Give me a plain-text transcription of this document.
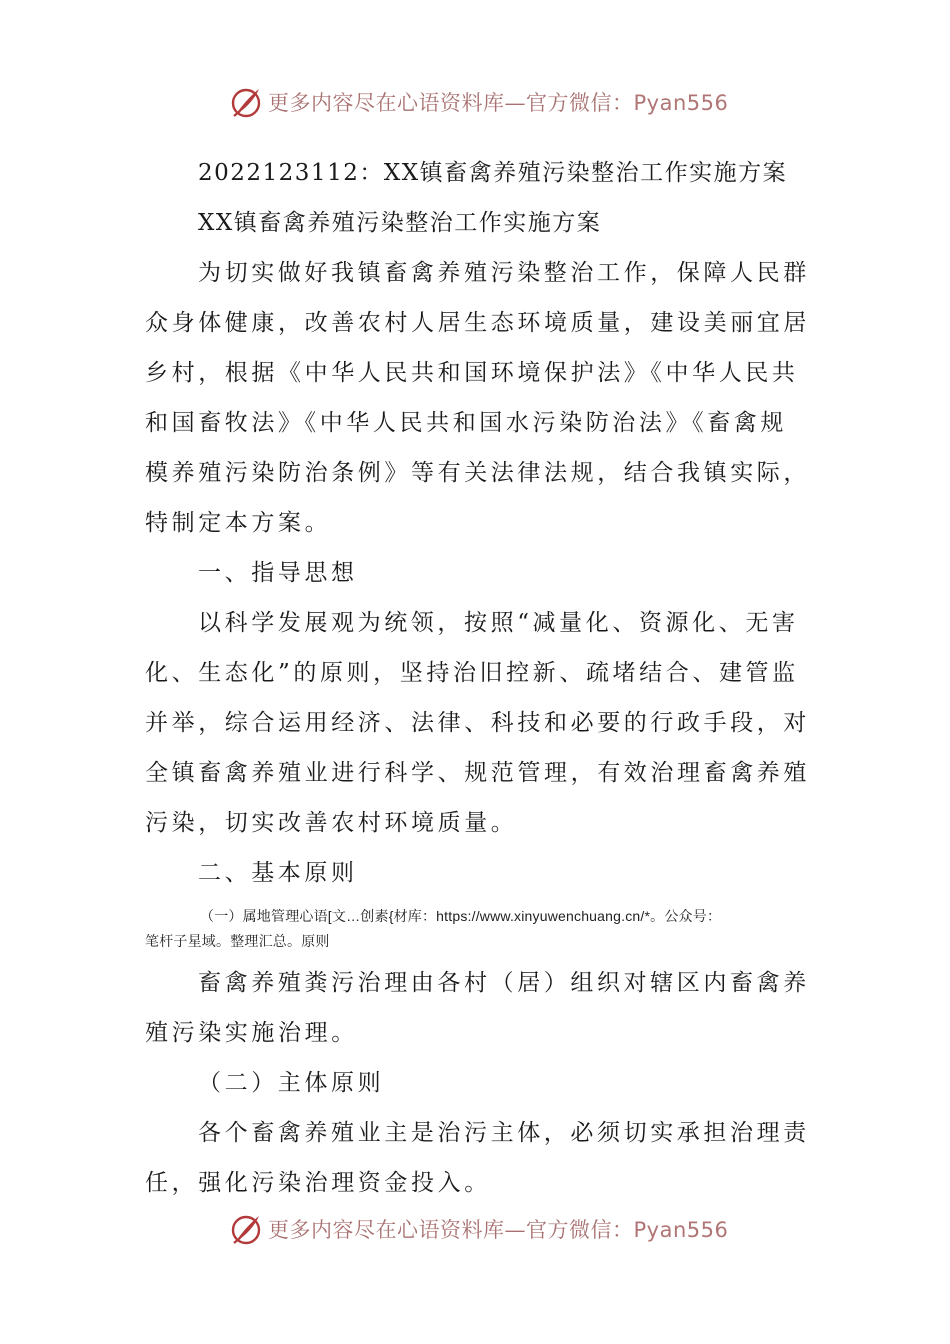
更多内容尽在心语资料库—官方微信：Pyan556

2022123112：XX镇畜禽养殖污染整治工作实施方案

XX镇畜禽养殖污染整治工作实施方案

为切实做好我镇畜禽养殖污染整治工作，保障人民群

众身体健康，改善农村人居生态环境质量，建设美丽宜居

乡村，根据《中华人民共和国环境保护法》《中华人民共

和国畜牧法》《中华人民共和国水污染防治法》《畜禽规

模养殖污染防治条例》等有关法律法规，结合我镇实际，

特制定本方案。

一、指导思想

以科学发展观为统领，按照“减量化、资源化、无害

化、生态化”的原则，坚持治旧控新、疏堵结合、建管监

并举，综合运用经济、法律、科技和必要的行政手段，对

全镇畜禽养殖业进行科学、规范管理，有效治理畜禽养殖

污染，切实改善农村环境质量。

二、基本原则

（一）属地管理心语[文…创素{材库：https://www.xinyuwenchuang.cn/*。公众号：

笔杆子星域。整理汇总。原则

畜禽养殖粪污治理由各村（居）组织对辖区内畜禽养

殖污染实施治理。

（二）主体原则

各个畜禽养殖业主是治污主体，必须切实承担治理责

任，强化污染治理资金投入。

更多内容尽在心语资料库—官方微信：Pyan556
